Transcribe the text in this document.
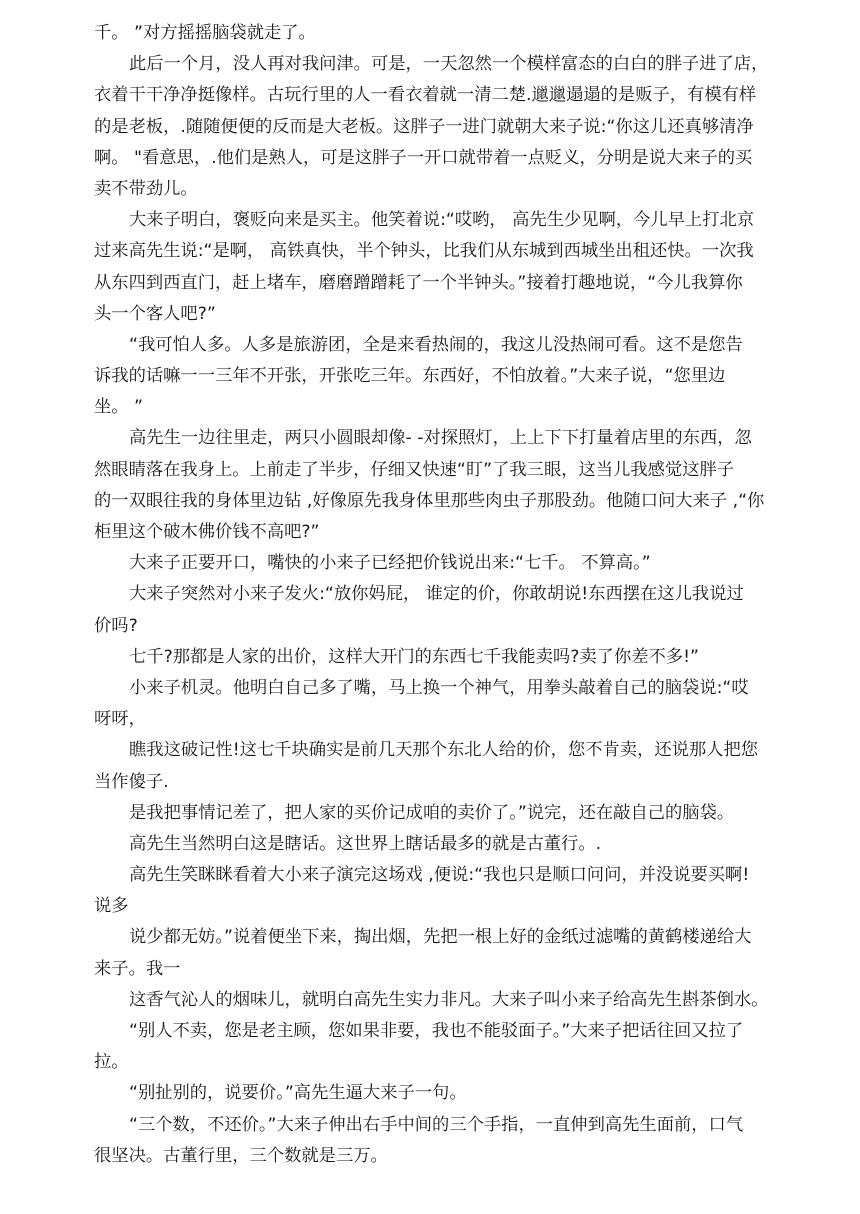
千。 ”对方摇摇脑袋就走了。
此后一个月，没人再对我问津。可是，一天忽然一个模样富态的白白的胖子进了店，
衣着干干净净挺像样。古玩行里的人一看衣着就一清二楚.邋邋遢遢的是贩子，有模有样
的是老板，.随随便便的反而是大老板。这胖子一进门就朝大来子说:“你这儿还真够清净
啊。 "看意思，.他们是熟人，可是这胖子一开口就带着一点贬义，分明是说大来子的买
卖不带劲儿。
大来子明白，褒贬向来是买主。他笑着说:“哎哟， 高先生少见啊，今儿早上打北京
过来高先生说:“是啊， 高铁真快，半个钟头，比我们从东城到西城坐出租还快。一次我
从东四到西直门，赶上堵车，磨磨蹭蹭耗了一个半钟头。”接着打趣地说，“今儿我算你
头一个客人吧?”
“我可怕人多。人多是旅游团，全是来看热闹的，我这儿没热闹可看。这不是您告
诉我的话嘛一一三年不开张，开张吃三年。东西好，不怕放着。”大来子说，“您里边
坐。 ”
高先生一边往里走，两只小圆眼却像- -对探照灯，上上下下打量着店里的东西，忽
然眼睛落在我身上。上前走了半步，仔细又快速“盯”了我三眼，这当儿我感觉这胖子
的一双眼往我的身体里边钻 ,好像原先我身体里那些肉虫子那股劲。他随口问大来子 ,“你
柜里这个破木佛价钱不高吧?”
大来子正要开口，嘴快的小来子已经把价钱说出来:“七千。 不算高。”
大来子突然对小来子发火:“放你妈屁， 谁定的价，你敢胡说!东西摆在这儿我说过
价吗?
七千?那都是人家的出价，这样大开门的东西七千我能卖吗?卖了你差不多!”
小来子机灵。他明白自己多了嘴，马上换一个神气，用拳头敲着自己的脑袋说:“哎
呀呀，
瞧我这破记性!这七千块确实是前几天那个东北人给的价，您不肯卖，还说那人把您
当作傻子.
是我把事情记差了，把人家的买价记成咱的卖价了。”说完，还在敲自己的脑袋。
高先生当然明白这是瞎话。这世界上瞎话最多的就是古董行。.
高先生笑眯眯看着大小来子演完这场戏 ,便说:“我也只是顺口问问，并没说要买啊!
说多
说少都无妨。”说着便坐下来，掏出烟，先把一根上好的金纸过滤嘴的黄鹤楼递给大
来子。我一
这香气沁人的烟味儿，就明白高先生实力非凡。大来子叫小来子给高先生斟茶倒水。
“别人不卖，您是老主顾，您如果非要，我也不能驳面子。”大来子把话往回又拉了
拉。
“别扯别的，说要价。”高先生逼大来子一句。
“三个数，不还价。”大来子伸出右手中间的三个手指，一直伸到高先生面前，口气
很坚决。古董行里，三个数就是三万。
